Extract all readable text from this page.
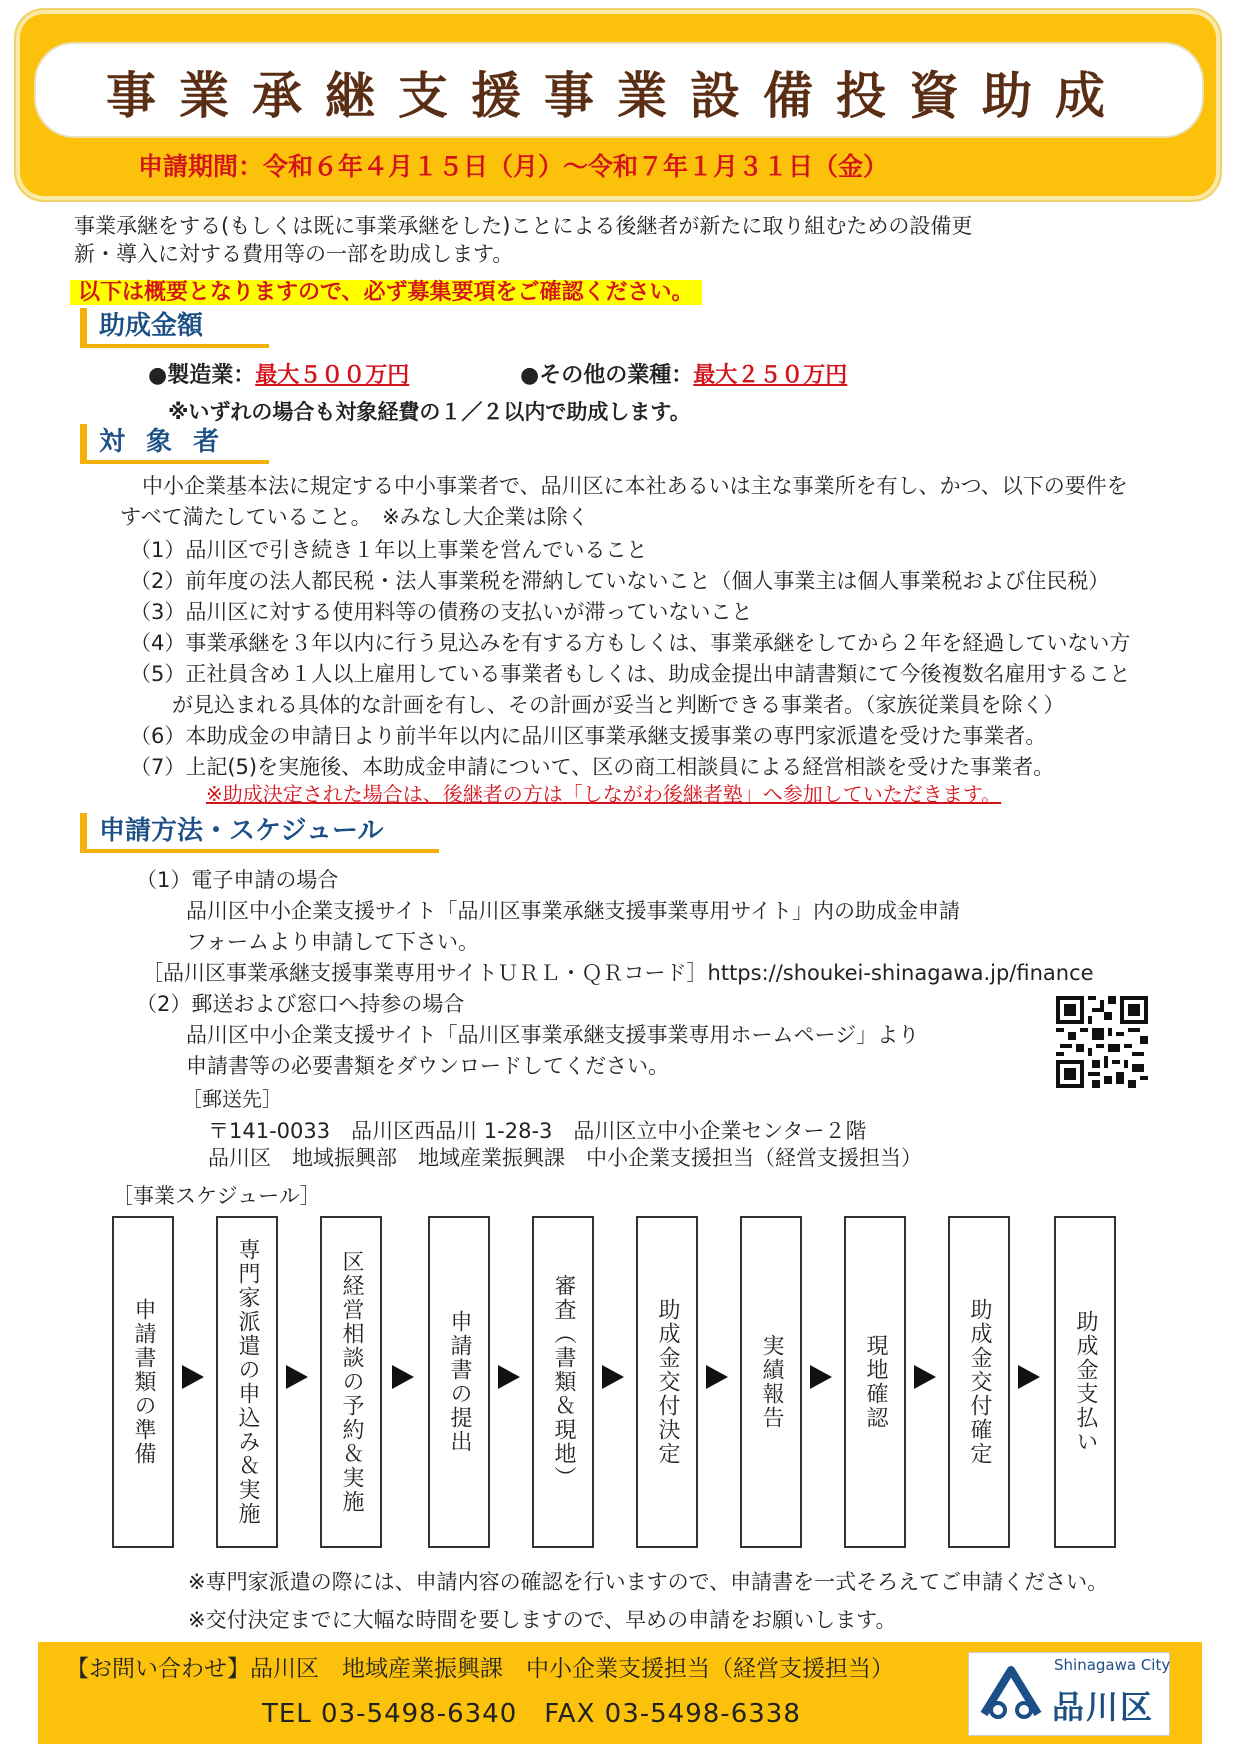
事業承継支援事業設備投資助成
申請期間：令和６年４月１５日（月）～令和７年１月３１日（金）
事業承継をする(もしくは既に事業承継をした)ことによる後継者が新たに取り組むための設備更
新・導入に対する費用等の一部を助成します。
以下は概要となりますので、必ず募集要項をご確認ください。
助成金額
●製造業：最大５００万円	●その他の業種：最大２５０万円
※いずれの場合も対象経費の１／２以内で助成します。
対 象 者
中小企業基本法に規定する中小事業者で、品川区に本社あるいは主な事業所を有し、かつ、以下の要件を
すべて満たしていること。　※みなし大企業は除く
（1）品川区で引き続き１年以上事業を営んでいること
（2）前年度の法人都民税・法人事業税を滞納していないこと（個人事業主は個人事業税および住民税）
（3）品川区に対する使用料等の債務の支払いが滞っていないこと
（4）事業承継を３年以内に行う見込みを有する方もしくは、事業承継をしてから２年を経過していない方
（5）正社員含め１人以上雇用している事業者もしくは、助成金提出申請書類にて今後複数名雇用すること
が見込まれる具体的な計画を有し、その計画が妥当と判断できる事業者。（家族従業員を除く）
（6）本助成金の申請日より前半年以内に品川区事業承継支援事業の専門家派遣を受けた事業者。
（7）上記(5)を実施後、本助成金申請について、区の商工相談員による経営相談を受けた事業者。
※助成決定された場合は、後継者の方は「しながわ後継者塾」へ参加していただきます。
申請方法・スケジュール
（1）電子申請の場合
品川区中小企業支援サイト「品川区事業承継支援事業専用サイト」内の助成金申請
フォームより申請して下さい。
［品川区事業承継支援事業専用サイトＵＲＬ・ＱＲコード］https://shoukei-shinagawa.jp/finance
（2）郵送および窓口へ持参の場合
品川区中小企業支援サイト「品川区事業承継支援事業専用ホームページ」より
申請書等の必要書類をダウンロードしてください。
［郵送先］
〒141-0033　品川区西品川 1-28-3　品川区立中小企業センター２階
品川区　地域振興部　地域産業振興課　中小企業支援担当（経営支援担当）
［事業スケジュール］
申請書類の準備	専門家派遣の申込み＆実施	区経営相談の予約＆実施	申請書の提出	審査（書類＆現地）	助成金交付決定	実績報告	現地確認	助成金交付確定	助成金支払い
※専門家派遣の際には、申請内容の確認を行いますので、申請書を一式そろえてご申請ください。
※交付決定までに大幅な時間を要しますので、早めの申請をお願いします。
【お問い合わせ】品川区　地域産業振興課　中小企業支援担当（経営支援担当）
TEL 03-5498-6340　FAX 03-5498-6338
Shinagawa City
品川区
